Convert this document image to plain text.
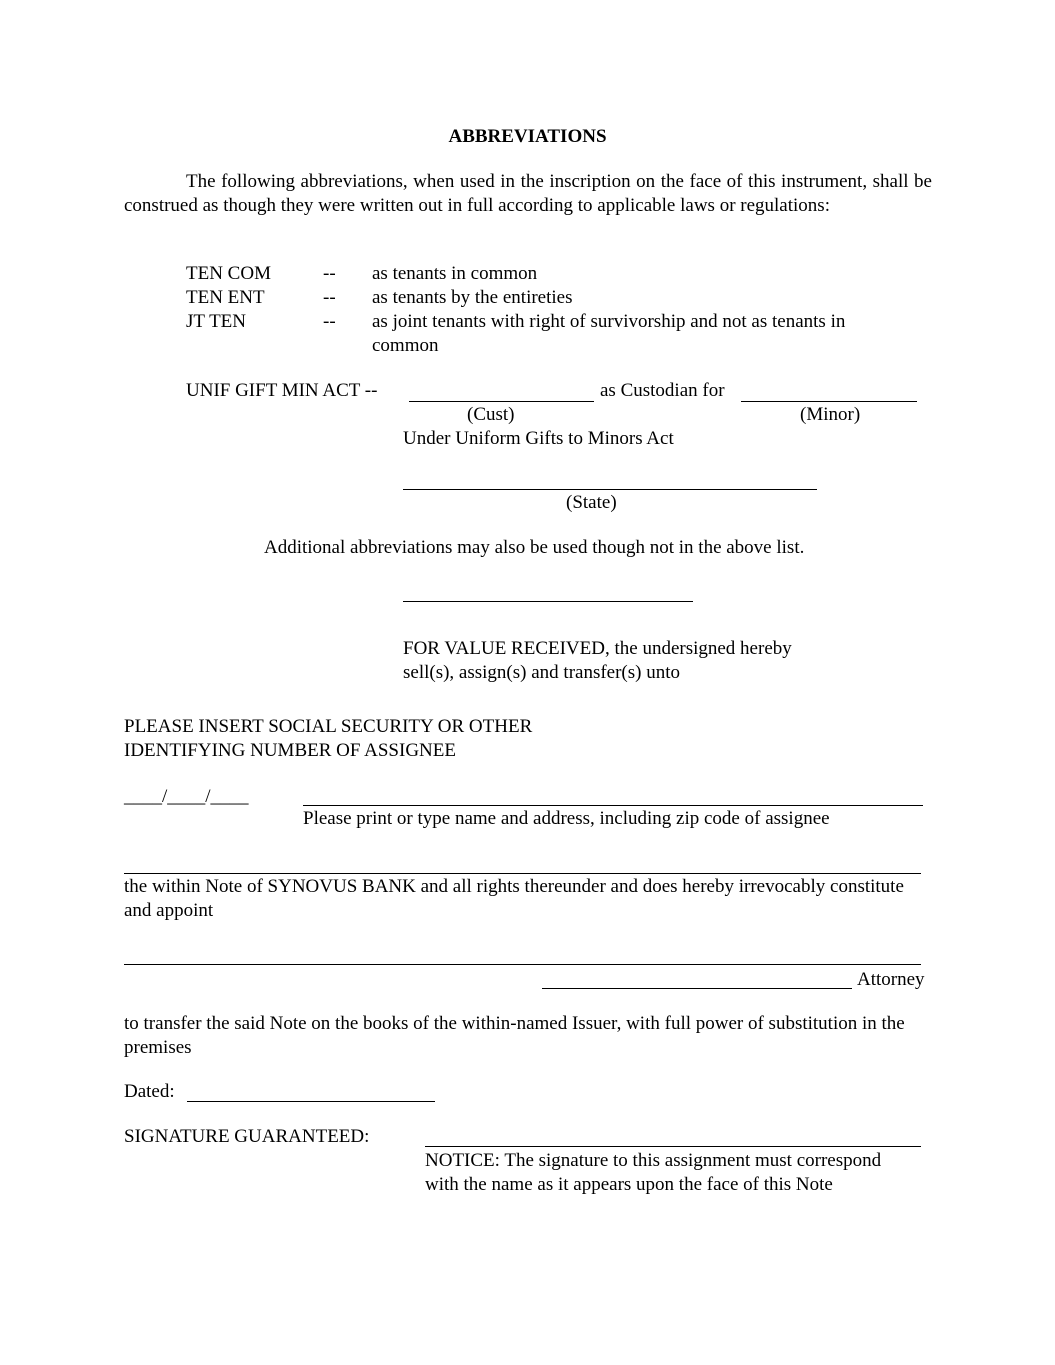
ABBREVIATIONS
The following abbreviations, when used in the inscription on the face of this instrument, shall be construed as though they were written out in full according to applicable laws or regulations:
TEN COM	-- as tenants in common
TEN ENT	-- as tenants by the entireties
JT TEN	-- as joint tenants with right of survivorship and not as tenants in common
UNIF GIFT MIN ACT --	as Custodian for
(Cust)	(Minor)
Under Uniform Gifts to Minors Act
(State)
Additional abbreviations may also be used though not in the above list.
FOR VALUE RECEIVED, the undersigned hereby
sell(s), assign(s) and transfer(s) unto
PLEASE INSERT SOCIAL SECURITY OR OTHER
IDENTIFYING NUMBER OF ASSIGNEE
____/____/____
Please print or type name and address, including zip code of assignee
the within Note of SYNOVUS BANK and all rights thereunder and does hereby irrevocably constitute and appoint
Attorney
to transfer the said Note on the books of the within-named Issuer, with full power of substitution in the premises
Dated:
SIGNATURE GUARANTEED:
NOTICE: The signature to this assignment must correspond
with the name as it appears upon the face of this Note
